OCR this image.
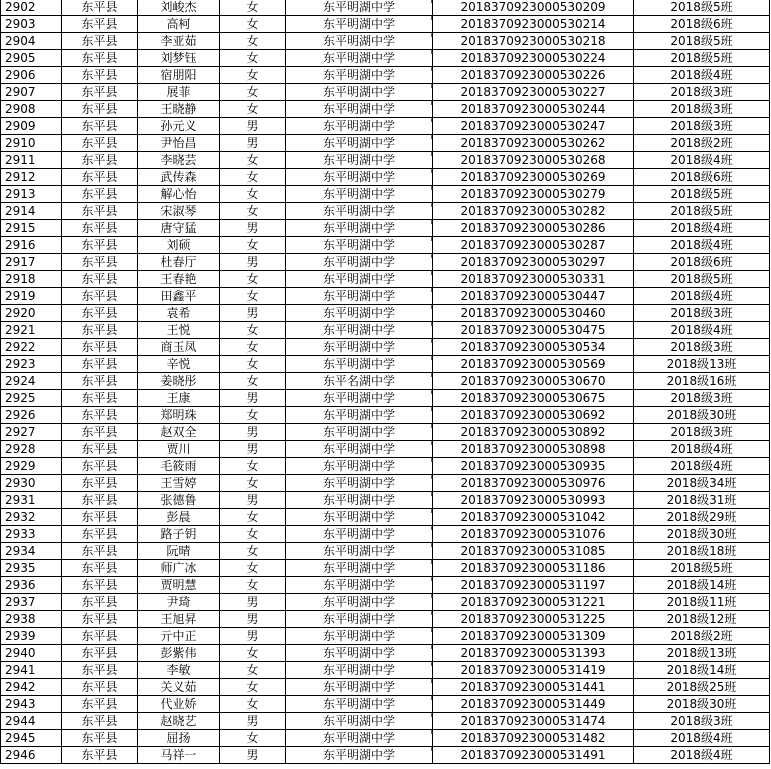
2902	东平县	刘峻杰	女	东平明湖中学	2018370923000530209	2018级5班
2903	东平县	高柯	女	东平明湖中学	2018370923000530214	2018级6班
2904	东平县	李亚茹	女	东平明湖中学	2018370923000530218	2018级5班
2905	东平县	刘梦钰	女	东平明湖中学	2018370923000530224	2018级5班
2906	东平县	宿朋阳	女	东平明湖中学	2018370923000530226	2018级4班
2907	东平县	展菲	女	东平明湖中学	2018370923000530227	2018级3班
2908	东平县	王晓静	女	东平明湖中学	2018370923000530244	2018级3班
2909	东平县	孙元义	男	东平明湖中学	2018370923000530247	2018级3班
2910	东平县	尹怡昌	男	东平明湖中学	2018370923000530262	2018级2班
2911	东平县	李晓芸	女	东平明湖中学	2018370923000530268	2018级4班
2912	东平县	武传森	女	东平明湖中学	2018370923000530269	2018级6班
2913	东平县	解心怡	女	东平明湖中学	2018370923000530279	2018级5班
2914	东平县	宋淑琴	女	东平明湖中学	2018370923000530282	2018级5班
2915	东平县	唐守猛	男	东平明湖中学	2018370923000530286	2018级4班
2916	东平县	刘硕	女	东平明湖中学	2018370923000530287	2018级4班
2917	东平县	杜春厅	男	东平明湖中学	2018370923000530297	2018级6班
2918	东平县	王春艳	女	东平明湖中学	2018370923000530331	2018级5班
2919	东平县	田鑫平	女	东平明湖中学	2018370923000530447	2018级4班
2920	东平县	袁希	男	东平明湖中学	2018370923000530460	2018级3班
2921	东平县	王悦	女	东平明湖中学	2018370923000530475	2018级4班
2922	东平县	商玉凤	女	东平明湖中学	2018370923000530534	2018级3班
2923	东平县	辛悦	女	东平明湖中学	2018370923000530569	2018级13班
2924	东平县	姜晓彤	女	东平名湖中学	2018370923000530670	2018级16班
2925	东平县	王康	男	东平明湖中学	2018370923000530675	2018级3班
2926	东平县	郑明珠	女	东平明湖中学	2018370923000530692	2018级30班
2927	东平县	赵双全	男	东平明湖中学	2018370923000530892	2018级3班
2928	东平县	贾川	男	东平明湖中学	2018370923000530898	2018级4班
2929	东平县	毛筱雨	女	东平明湖中学	2018370923000530935	2018级4班
2930	东平县	王雪婷	女	东平明湖中学	2018370923000530976	2018级34班
2931	东平县	张德鲁	男	东平明湖中学	2018370923000530993	2018级31班
2932	东平县	彭晨	女	东平明湖中学	2018370923000531042	2018级29班
2933	东平县	路子钥	女	东平明湖中学	2018370923000531076	2018级30班
2934	东平县	阮晴	女	东平明湖中学	2018370923000531085	2018级18班
2935	东平县	师广冰	女	东平明湖中学	2018370923000531186	2018级5班
2936	东平县	贾明慧	女	东平明湖中学	2018370923000531197	2018级14班
2937	东平县	尹琦	男	东平明湖中学	2018370923000531221	2018级11班
2938	东平县	王旭昇	男	东平明湖中学	2018370923000531225	2018级12班
2939	东平县	亓中正	男	东平明湖中学	2018370923000531309	2018级2班
2940	东平县	彭紫伟	女	东平明湖中学	2018370923000531393	2018级13班
2941	东平县	李敏	女	东平明湖中学	2018370923000531419	2018级14班
2942	东平县	关义茹	女	东平明湖中学	2018370923000531441	2018级25班
2943	东平县	代业娇	女	东平明湖中学	2018370923000531449	2018级30班
2944	东平县	赵晓艺	男	东平明湖中学	2018370923000531474	2018级3班
2945	东平县	屈扬	女	东平明湖中学	2018370923000531482	2018级4班
2946	东平县	马祥一	男	东平明湖中学	2018370923000531491	2018级4班
